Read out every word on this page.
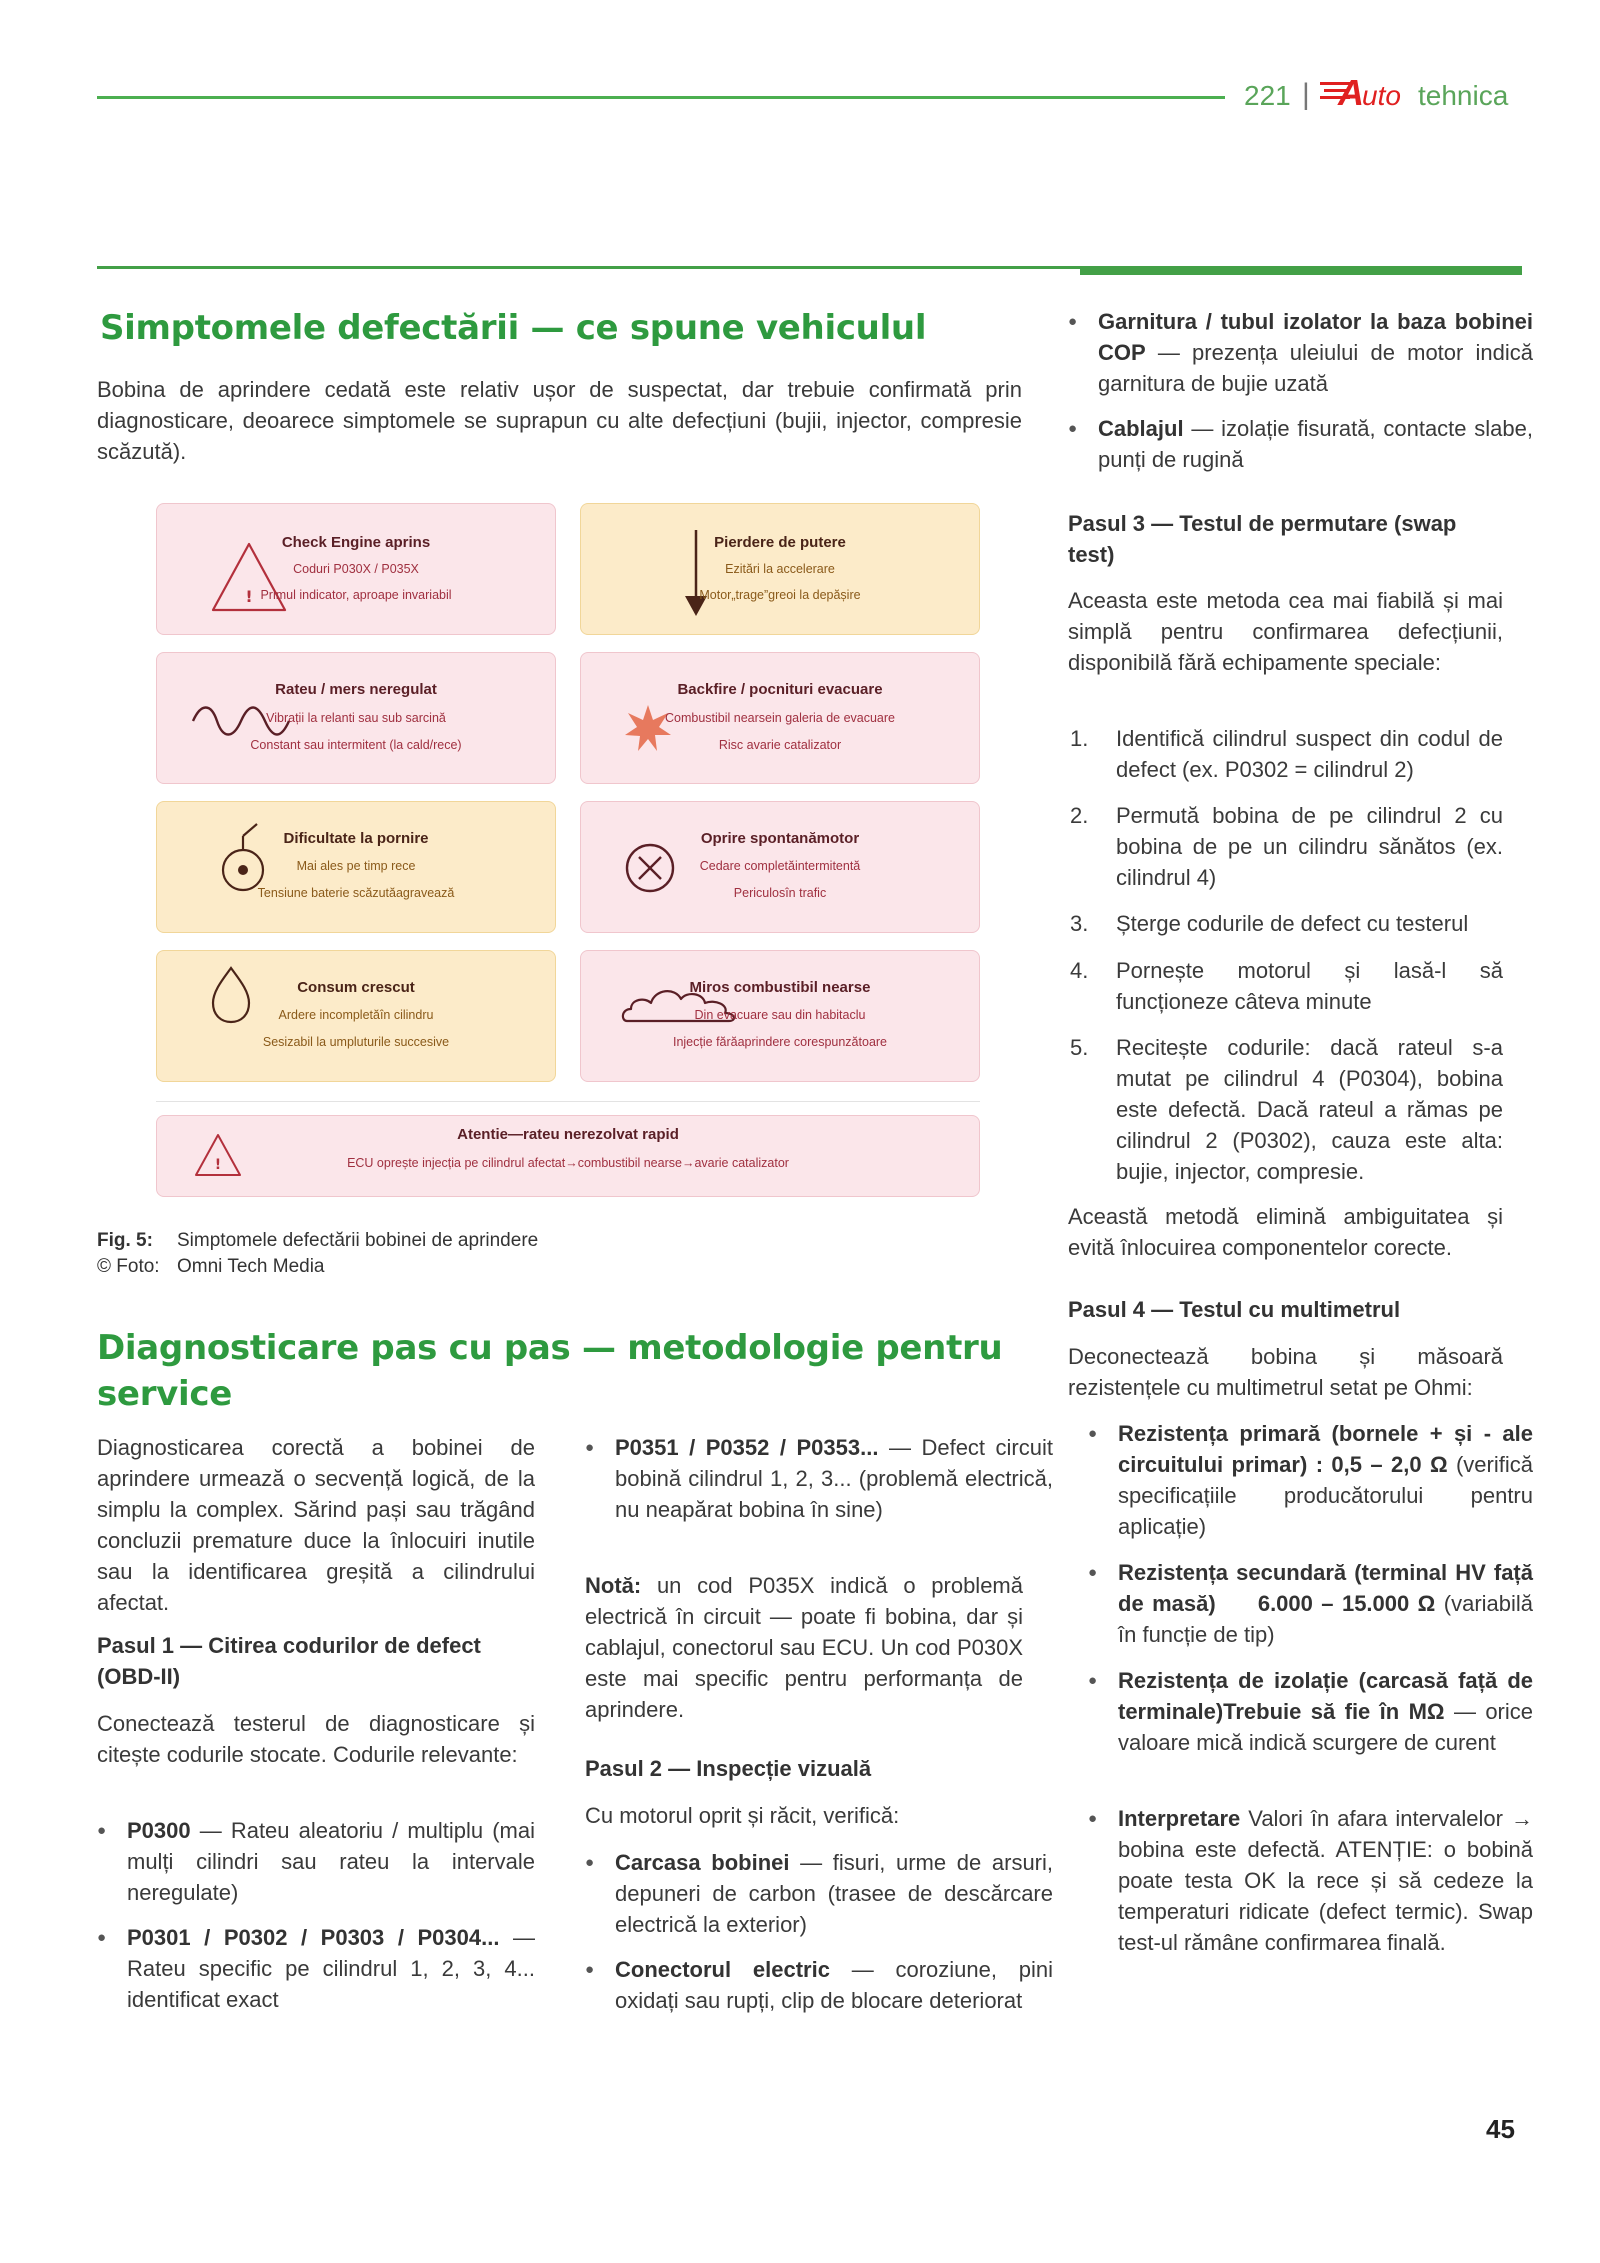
221 | A
uto tehnica
Simptomele defectării — ce spune vehiculul

Bobina de aprindere cedată este relativ ușor de suspectat, dar trebuie confirmată prin diagnosticare, deoarece simptomele se suprapun cu alte defecțiuni (bujii, injector, compresie scăzută).

!
Check Engine aprins
Coduri P030X / P035X
Primul indicator, aproape invariabil
Pierdere de putere
Ezitări la accelerare
Motor„trage”greoi la depășire
Rateu / mers neregulat
Vibrații la relanti sau sub sarcină
Constant sau intermitent (la cald/rece)
Backfire / pocnituri evacuare
Combustibil nearsein galeria de evacuare
Risc avarie catalizator
Dificultate la pornire
Mai ales pe timp rece
Tensiune baterie scăzutăagravează
Oprire spontanămotor
Cedare completăintermitentă
Periculosîn trafic
Consum crescut
Ardere incompletăîn cilindru
Sesizabil la umpluturile succesive
Miros combustibil nearse
Din evacuare sau din habitaclu
Injecție fărăaprindere corespunzătoare
!
Atentie—rateu nerezolvat rapid
ECU oprește injecția pe cilindrul afectat→combustibil nearse→avarie catalizator
Fig. 5: Simptomele defectării bobinei de aprindere
© Foto: Omni Tech Media
Diagnosticare pas cu pas — metodologie pentru service

Diagnosticarea corectă a bobinei de aprindere urmează o secvență logică, de la simplu la complex. Sărind pași sau trăgând concluzii premature duce la înlocuiri inutile sau la identificarea greșită a cilindrului afectat.

Pasul 1 — Citirea codurilor de defect (OBD-II)

Conectează testerul de diagnosticare și citește codurile stocate. Codurile relevante:

● P0300 — Rateu aleatoriu / multiplu (mai mulți cilindri sau rateu la intervale neregulate)

● P0301 / P0302 / P0303 / P0304... — Rateu specific pe cilindrul 1, 2, 3, 4... identificat exact

● P0351 / P0352 / P0353... — Defect circuit bobină cilindrul 1, 2, 3... (problemă electrică, nu neapărat bobina în sine)

Notă: un cod P035X indică o problemă electrică în circuit — poate fi bobina, dar și cablajul, conectorul sau ECU. Un cod P030X este mai specific pentru performanța de aprindere.

Pasul 2 — Inspecție vizuală

Cu motorul oprit și răcit, verifică:

● Carcasa bobinei — fisuri, urme de arsuri, depuneri de carbon (trasee de descărcare electrică la exterior)

● Conectorul electric — coroziune, pini oxidați sau rupți, clip de blocare deteriorat

● Garnitura / tubul izolator la baza bobinei COP — prezența uleiului de motor indică garnitura de bujie uzată

● Cablajul — izolație fisurată, contacte slabe, punți de rugină

Pasul 3 — Testul de permutare (swap test)

Aceasta este metoda cea mai fiabilă și mai simplă pentru confirmarea defecțiunii, disponibilă fără echipamente speciale:

1. Identifică cilindrul suspect din codul de defect (ex. P0302 = cilindrul 2)

2. Permută bobina de pe cilindrul 2 cu bobina de pe un cilindru sănătos (ex. cilindrul 4)

3. Șterge codurile de defect cu testerul

4. Pornește motorul și lasă-l să funcționeze câteva minute

5. Recitește codurile: dacă rateul s-a mutat pe cilindrul 4 (P0304), bobina este defectă. Dacă rateul a rămas pe cilindrul 2 (P0302), cauza este alta: bujie, injector, compresie.

Această metodă elimină ambiguitatea și evită înlocuirea componentelor corecte.

Pasul 4 — Testul cu multimetrul

Deconectează bobina și măsoară rezistențele cu multimetrul setat pe Ohmi:

● Rezistența primară (bornele + și - ale circuitului primar) : 0,5 – 2,0 Ω (verifică specificațiile producătorului pentru aplicație)

● Rezistența secundară (terminal HV față de masă) 6.000 – 15.000 Ω (variabilă în funcție de tip)

● Rezistența de izolație (carcasă față de terminale)Trebuie să fie în MΩ — orice valoare mică indică scurgere de curent

● Interpretare Valori în afara intervalelor → bobina este defectă. ATENȚIE: o bobină poate testa OK la rece și să cedeze la temperaturi ridicate (defect termic). Swap test-ul rămâne confirmarea finală.

45
